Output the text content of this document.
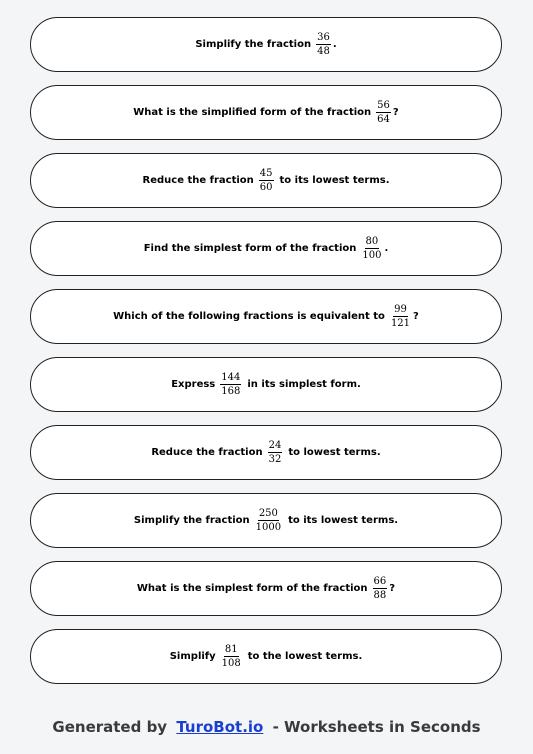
Simplify the fraction $\frac{36}{48}$ .
What is the simplified form of the fraction $\frac{56}{64}$ ?
Reduce the fraction $\frac{45}{60}$ to its lowest terms.
Find the simplest form of the fraction $\frac{80}{100}$ .
Which of the following fractions is equivalent to $\frac{99}{121}$ ?
Express $\frac{144}{168}$ in its simplest form.
Reduce the fraction $\frac{24}{32}$ to lowest terms.
Simplify the fraction $\frac{250}{1000}$ to its lowest terms.
What is the simplest form of the fraction $\frac{66}{88}$ ?
Simplify $\frac{81}{108}$ to the lowest terms.
Generated by TuroBot.io - Worksheets in Seconds
